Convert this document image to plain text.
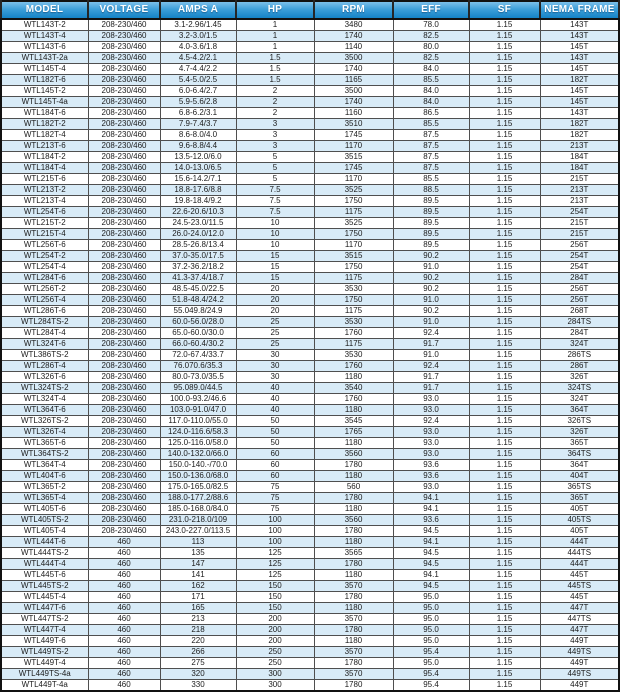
MODEL	VOLTAGE	AMPS A	HP	RPM	EFF	SF	NEMA FRAME
WTL143T-2	208-230/460	3.1-2.96/1.45	1	3480	78.0	1.15	143T
WTL143T-4	208-230/460	3.2-3.0/1.5	1	1740	82.5	1.15	143T
WTL143T-6	208-230/460	4.0-3.6/1.8	1	1140	80.0	1.15	145T
WTL143T-2a	208-230/460	4.5-4.2/2.1	1.5	3500	82.5	1.15	143T
WTL145T-4	208-230/460	4.7-4.4/2.2	1.5	1740	84.0	1.15	145T
WTL182T-6	208-230/460	5.4-5.0/2.5	1.5	1165	85.5	1.15	182T
WTL145T-2	208-230/460	6.0-6.4/2.7	2	3500	84.0	1.15	145T
WTL145T-4a	208-230/460	5.9-5.6/2.8	2	1740	84.0	1.15	145T
WTL184T-6	208-230/460	6.8-6.2/3.1	2	1160	86.5	1.15	143T
WTL182T-2	208-230/460	7.9-7.4/3.7	3	3510	85.5	1.15	182T
WTL182T-4	208-230/460	8.6-8.0/4.0	3	1745	87.5	1.15	182T
WTL213T-6	208-230/460	9.6-8.8/4.4	3	1170	87.5	1.15	213T
WTL184T-2	208-230/460	13.5-12.0/6.0	5	3515	87.5	1.15	184T
WTL184T-4	208-230/460	14.0-13.0/6.5	5	1745	87.5	1.15	184T
WTL215T-6	208-230/460	15.6-14.2/7.1	5	1170	85.5	1.15	215T
WTL213T-2	208-230/460	18.8-17.6/8.8	7.5	3525	88.5	1.15	213T
WTL213T-4	208-230/460	19.8-18.4/9.2	7.5	1750	89.5	1.15	213T
WTL254T-6	208-230/460	22.6-20.6/10.3	7.5	1175	89.5	1.15	254T
WTL215T-2	208-230/460	24.5-23.0/11.5	10	3525	89.5	1.15	215T
WTL215T-4	208-230/460	26.0-24.0/12.0	10	1750	89.5	1.15	215T
WTL256T-6	208-230/460	28.5-26.8/13.4	10	1170	89.5	1.15	256T
WTL254T-2	208-230/460	37.0-35.0/17.5	15	3515	90.2	1.15	254T
WTL254T-4	208-230/460	37.2-36.2/18.2	15	1750	91.0	1.15	254T
WTL284T-6	208-230/460	41.3-37.4/18.7	15	1175	90.2	1.15	284T
WTL256T-2	208-230/460	48.5-45.0/22.5	20	3530	90.2	1.15	256T
WTL256T-4	208-230/460	51.8-48.4/24.2	20	1750	91.0	1.15	256T
WTL286T-6	208-230/460	55.049.8/24.9	20	1175	90.2	1.15	268T
WTL284TS-2	208-230/460	60.0-56.0/28.0	25	3530	91.0	1.15	284TS
WTL284T-4	208-230/460	65.0-60.0/30.0	25	1760	92.4	1.15	284T
WTL324T-6	208-230/460	66.0-60.4/30.2	25	1175	91.7	1.15	324T
WTL386TS-2	208-230/460	72.0-67.4/33.7	30	3530	91.0	1.15	286TS
WTL286T-4	208-230/460	76.070.6/35.3	30	1760	92.4	1.15	286T
WTL326T-6	208-230/460	80.0-73.0/35.5	30	1180	91.7	1.15	326T
WTL324TS-2	208-230/460	95.089.0/44.5	40	3540	91.7	1.15	324TS
WTL324T-4	208-230/460	100.0-93.2/46.6	40	1760	93.0	1.15	324T
WTL364T-6	208-230/460	103.0-91.0/47.0	40	1180	93.0	1.15	364T
WTL326TS-2	208-230/460	117.0-110.0/55.0	50	3545	92.4	1.15	326TS
WTL326T-4	208-230/460	124.0-116.6/58.3	50	1765	93.0	1.15	326T
WTL365T-6	208-230/460	125.0-116.0/58.0	50	1180	93.0	1.15	365T
WTL364TS-2	208-230/460	140.0-132.0/66.0	60	3560	93.0	1.15	364TS
WTL364T-4	208-230/460	150.0-140.-/70.0	60	1780	93.6	1.15	364T
WTL404T-6	208-230/460	150.0-136.0/68.0	60	1180	93.6	1.15	404T
WTL365T-2	208-230/460	175.0-165.0/82.5	75	560	93.0	1.15	365TS
WTL365T-4	208-230/460	188.0-177.2/88.6	75	1780	94.1	1.15	365T
WTL405T-6	208-230/460	185.0-168.0/84.0	75	1180	94.1	1.15	405T
WTL405TS-2	208-230/460	231.0-218.0/109	100	3560	93.6	1.15	405TS
WTL405T-4	208-230/460	243.0-227.0/113.5	100	1780	94.5	1.15	405T
WTL444T-6	460	113	100	1180	94.1	1.15	444T
WTL444TS-2	460	135	125	3565	94.5	1.15	444TS
WTL444T-4	460	147	125	1780	94.5	1.15	444T
WTL445T-6	460	141	125	1180	94.1	1.15	445T
WTL445TS-2	460	162	150	3570	94.5	1.15	445TS
WTL445T-4	460	171	150	1780	95.0	1.15	445T
WTL447T-6	460	165	150	1180	95.0	1.15	447T
WTL447TS-2	460	213	200	3570	95.0	1.15	447TS
WTL447T-4	460	218	200	1780	95.0	1.15	447T
WTL449T-6	460	220	200	1180	95.0	1.15	449T
WTL449TS-2	460	266	250	3570	95.4	1.15	449TS
WTL449T-4	460	275	250	1780	95.0	1.15	449T
WTL449TS-4a	460	320	300	3570	95.4	1.15	449TS
WTL449T-4a	460	330	300	1780	95.4	1.15	449T
